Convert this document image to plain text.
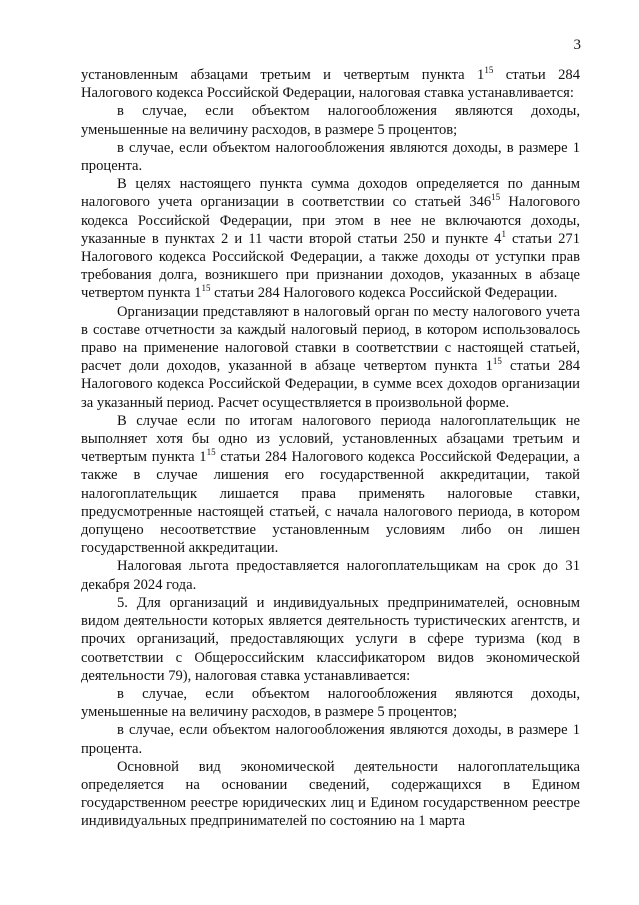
3

установленным абзацами третьим и четвертым пункта $1^{15}$ статьи 284 Налогового кодекса Российской Федерации, налоговая ставка устанавливается:

в случае, если объектом налогообложения являются доходы, уменьшенные на величину расходов, в размере 5 процентов;

в случае, если объектом налогообложения являются доходы, в размере 1 процента.

В целях настоящего пункта сумма доходов определяется по данным налогового учета организации в соответствии со статьей $346^{15}$ Налогового кодекса Российской Федерации, при этом в нее не включаются доходы, указанные в пунктах 2 и 11 части второй статьи 250 и пункте $4^1$ статьи 271 Налогового кодекса Российской Федерации, а также доходы от уступки прав требования долга, возникшего при признании доходов, указанных в абзаце четвертом пункта $1^{15}$ статьи 284 Налогового кодекса Российской Федерации.

Организации представляют в налоговый орган по месту налогового учета в составе отчетности за каждый налоговый период, в котором использовалось право на применение налоговой ставки в соответствии с настоящей статьей, расчет доли доходов, указанной в абзаце четвертом пункта $1^{15}$ статьи 284 Налогового кодекса Российской Федерации, в сумме всех доходов организации за указанный период. Расчет осуществляется в произвольной форме.

В случае если по итогам налогового периода налогоплательщик не выполняет хотя бы одно из условий, установленных абзацами третьим и четвертым пункта $1^{15}$ статьи 284 Налогового кодекса Российской Федерации, а также в случае лишения его государственной аккредитации, такой налогоплательщик лишается права применять налоговые ставки, предусмотренные настоящей статьей, с начала налогового периода, в котором допущено несоответствие установленным условиям либо он лишен государственной аккредитации.

Налоговая льгота предоставляется налогоплательщикам на срок до 31 декабря 2024 года.

5. Для организаций и индивидуальных предпринимателей, основным видом деятельности которых является деятельность туристических агентств, и прочих организаций, предоставляющих услуги в сфере туризма (код в соответствии с Общероссийским классификатором видов экономической деятельности 79), налоговая ставка устанавливается:

в случае, если объектом налогообложения являются доходы, уменьшенные на величину расходов, в размере 5 процентов;

в случае, если объектом налогообложения являются доходы, в размере 1 процента.

Основной вид экономической деятельности налогоплательщика определяется на основании сведений, содержащихся в Едином государственном реестре юридических лиц и Едином государственном реестре индивидуальных предпринимателей по состоянию на 1 марта
